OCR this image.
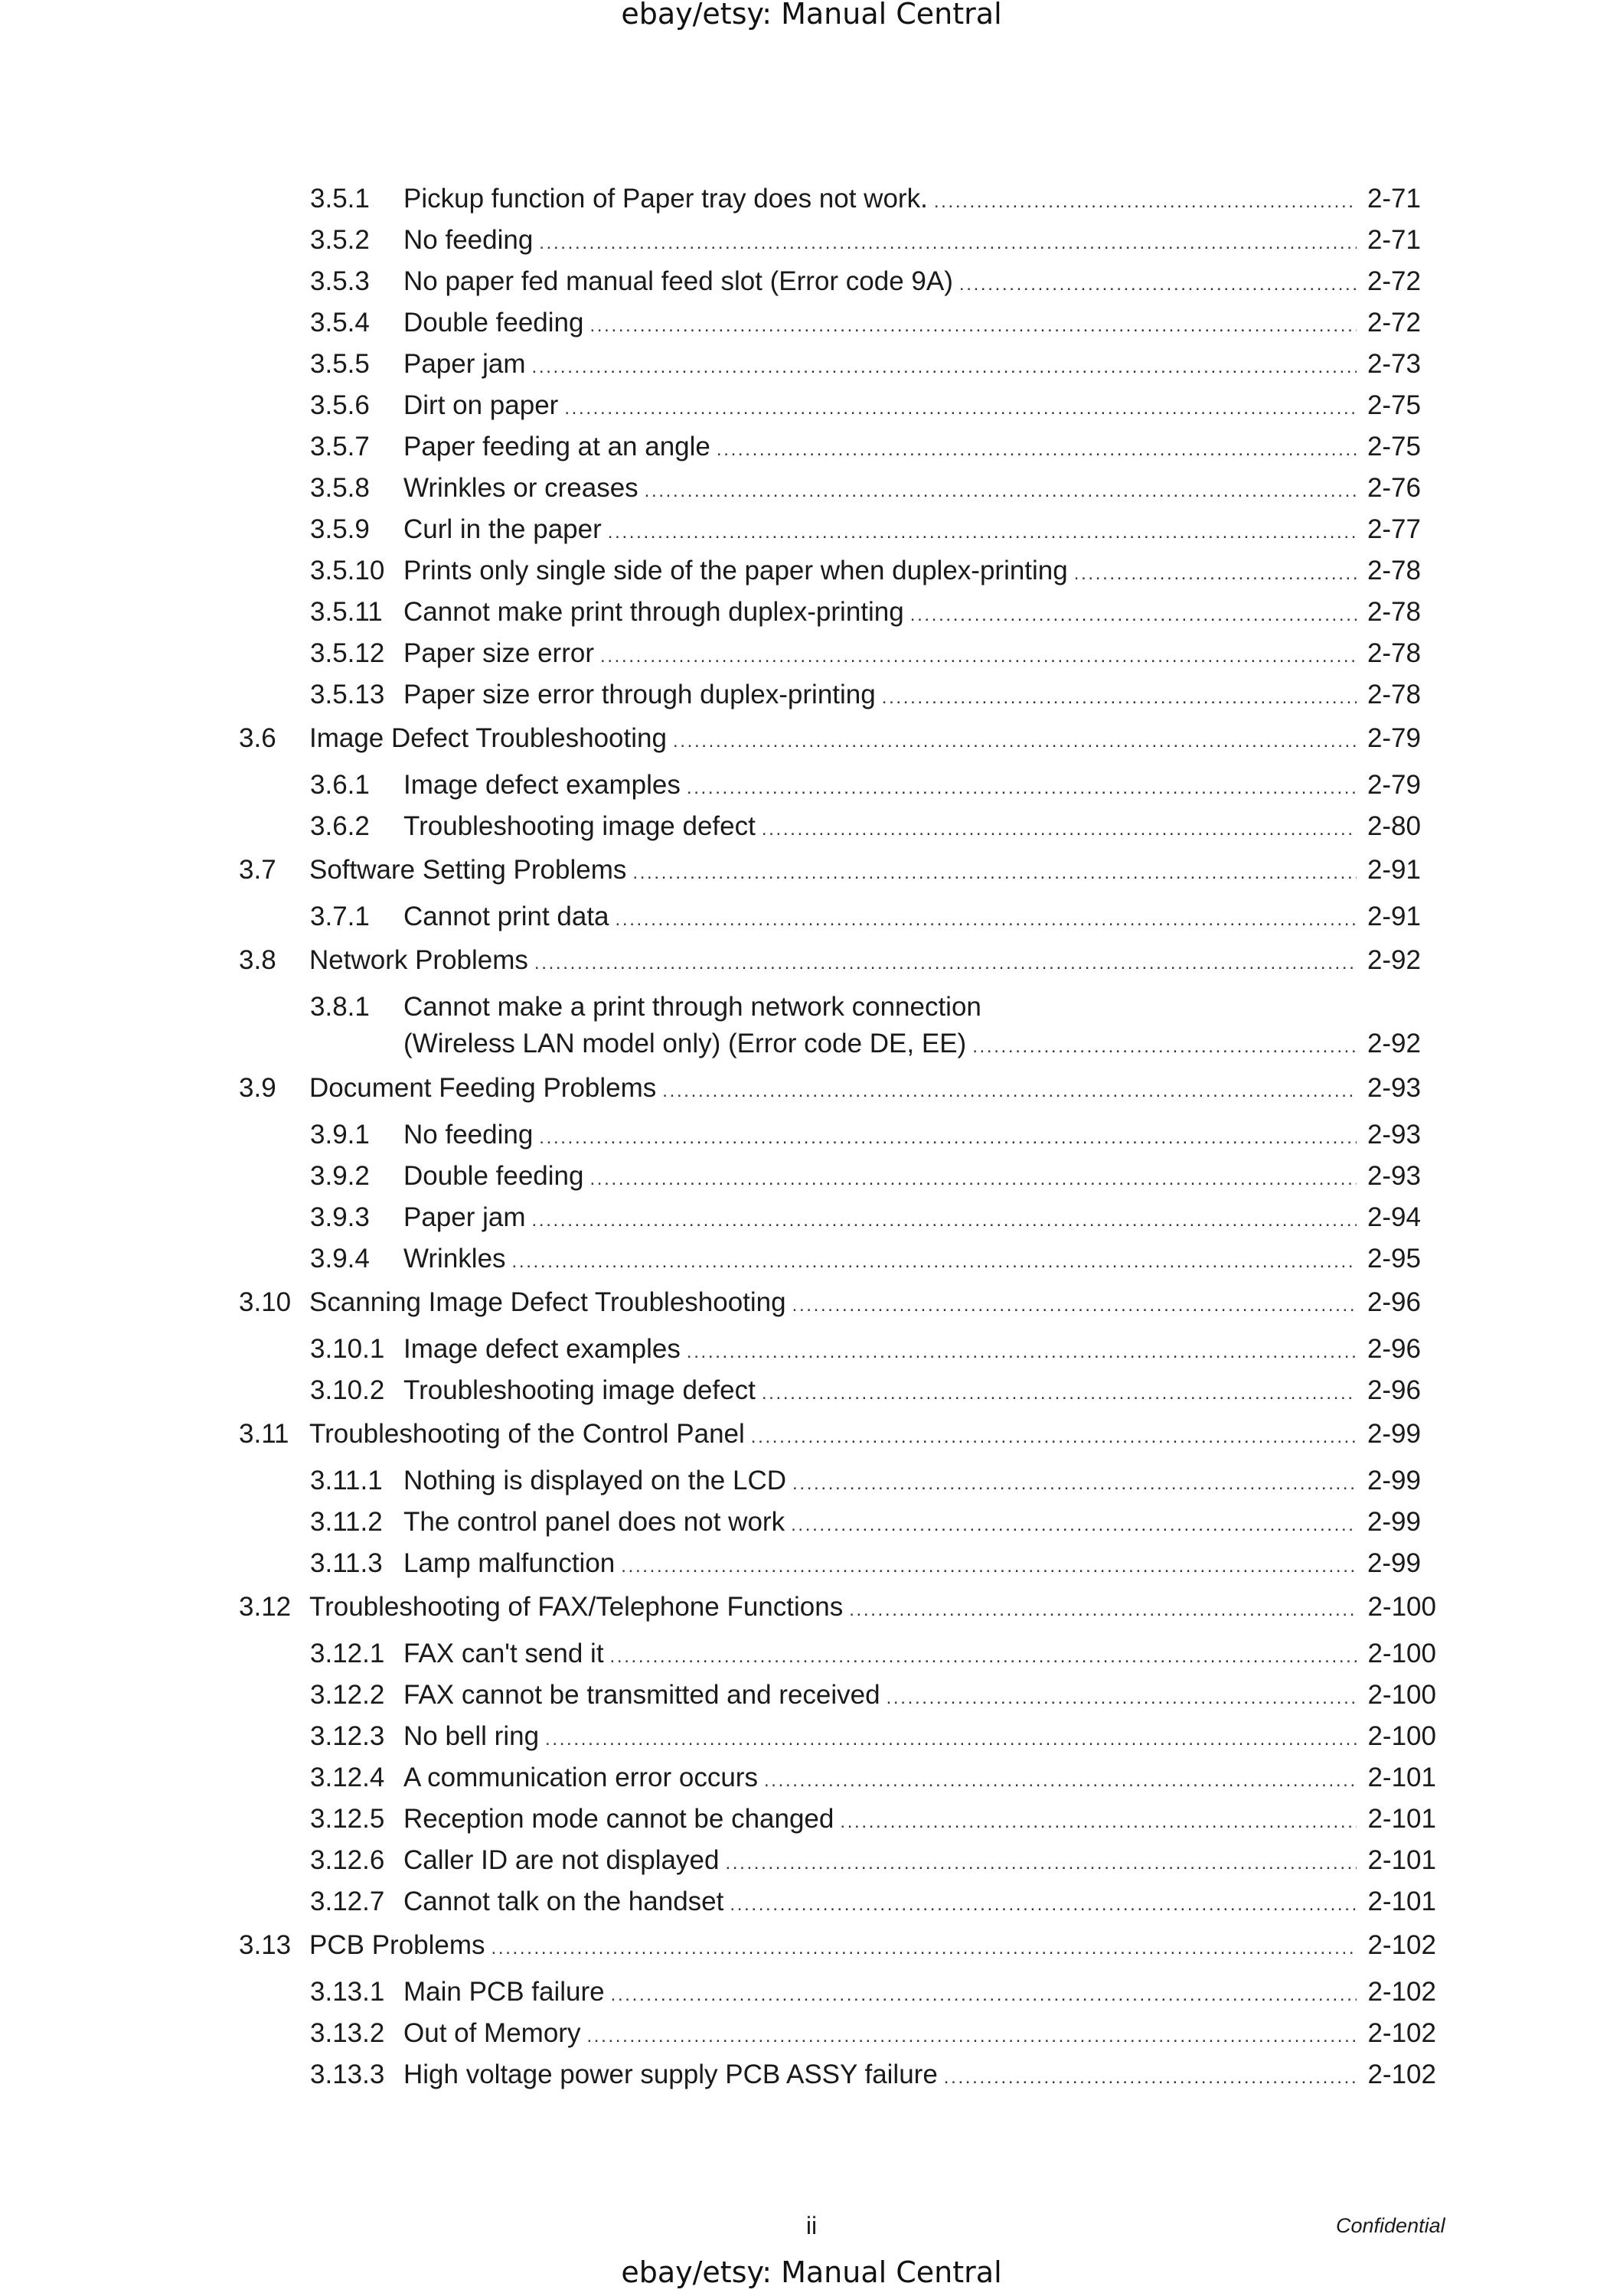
ebay/etsy: Manual Central
3.5.1	Pickup function of Paper tray does not work. . . .	2-71
3.5.2	No feeding . . .	2-71
3.5.3	No paper fed manual feed slot (Error code 9A) . . .	2-72
3.5.4	Double feeding . . .	2-72
3.5.5	Paper jam . . .	2-73
3.5.6	Dirt on paper . . .	2-75
3.5.7	Paper feeding at an angle . . .	2-75
3.5.8	Wrinkles or creases . . .	2-76
3.5.9	Curl in the paper . . .	2-77
3.5.10 Prints only single side of the paper when duplex-printing . . .	2-78
3.5.11 Cannot make print through duplex-printing . . .	2-78
3.5.12 Paper size error . . .	2-78
3.5.13 Paper size error through duplex-printing . . .	2-78
3.6	Image Defect Troubleshooting . . .	2-79
3.6.1	Image defect examples . . .	2-79
3.6.2	Troubleshooting image defect . . .	2-80
3.7	Software Setting Problems . . .	2-91
3.7.1	Cannot print data . . .	2-91
3.8	Network Problems . . .	2-92
3.8.1	Cannot make a print through network connection
(Wireless LAN model only) (Error code DE, EE) . . .	2-92
3.9	Document Feeding Problems . . .	2-93
3.9.1	No feeding . . .	2-93
3.9.2	Double feeding . . .	2-93
3.9.3	Paper jam . . .	2-94
3.9.4	Wrinkles . . .	2-95
3.10 Scanning Image Defect Troubleshooting . . .	2-96
3.10.1 Image defect examples . . .	2-96
3.10.2 Troubleshooting image defect . . .	2-96
3.11 Troubleshooting of the Control Panel . . .	2-99
3.11.1 Nothing is displayed on the LCD . . .	2-99
3.11.2 The control panel does not work . . .	2-99
3.11.3 Lamp malfunction . . .	2-99
3.12 Troubleshooting of FAX/Telephone Functions . . .	2-100
3.12.1 FAX can't send it . . .	2-100
3.12.2 FAX cannot be transmitted and received . . .	2-100
3.12.3 No bell ring . . .	2-100
3.12.4 A communication error occurs . . .	2-101
3.12.5 Reception mode cannot be changed . . .	2-101
3.12.6 Caller ID are not displayed . . .	2-101
3.12.7 Cannot talk on the handset . . .	2-101
3.13 PCB Problems . . .	2-102
3.13.1 Main PCB failure . . .	2-102
3.13.2 Out of Memory . . .	2-102
3.13.3 High voltage power supply PCB ASSY failure . . .	2-102
ii	Confidential
ebay/etsy: Manual Central
